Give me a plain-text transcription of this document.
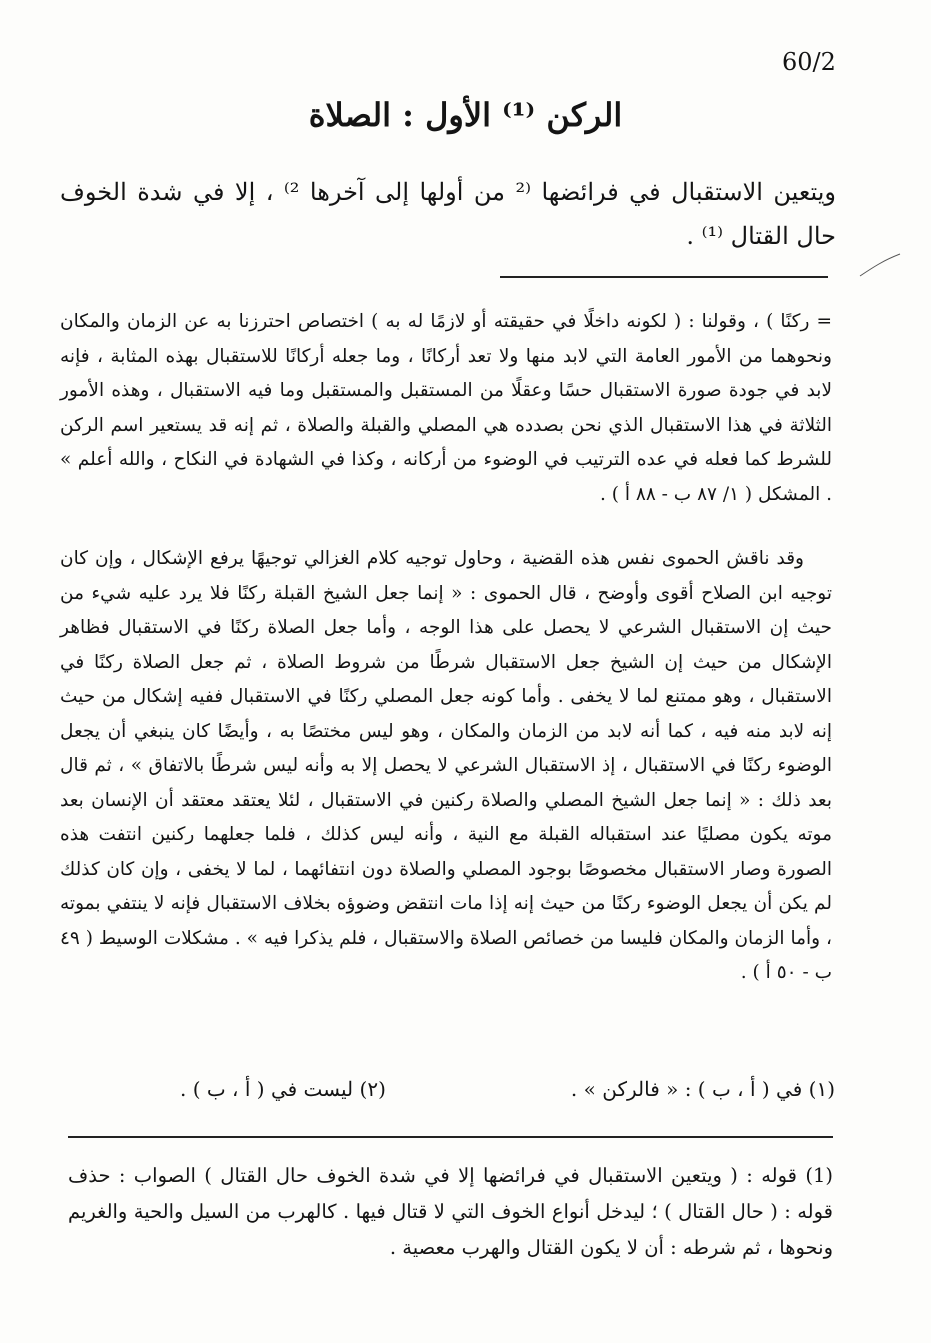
60/2
الركن ⁽¹⁾ الأول : الصلاة
ويتعين الاستقبال في فرائضها ⁽² من أولها إلى آخرها ²⁾ ، إلا في شدة الخوف حال القتال ⁽¹⁾ .

= ركنًا ) ، وقولنا : ( لكونه داخلًا في حقيقته أو لازمًا له به ) اختصاص احترزنا به عن الزمان والمكان ونحوهما من الأمور العامة التي لابد منها ولا تعد أركانًا ، وما جعله أركانًا للاستقبال بهذه المثابة ، فإنه لابد في جودة صورة الاستقبال حسًا وعقلًا من المستقبل والمستقبل وما فيه الاستقبال ، وهذه الأمور الثلاثة في هذا الاستقبال الذي نحن بصدده هي المصلي والقبلة والصلاة ، ثم إنه قد يستعير اسم الركن للشرط كما فعله في عده الترتيب في الوضوء من أركانه ، وكذا في الشهادة في النكاح ، والله أعلم » . المشكل ( ١/ ٨٧ ب - ٨٨ أ ) .

وقد ناقش الحموى نفس هذه القضية ، وحاول توجيه كلام الغزالي توجيهًا يرفع الإشكال ، وإن كان توجيه ابن الصلاح أقوى وأوضح ، قال الحموى : « إنما جعل الشيخ القبلة ركنًا فلا يرد عليه شيء من حيث إن الاستقبال الشرعي لا يحصل على هذا الوجه ، وأما جعل الصلاة ركنًا في الاستقبال فظاهر الإشكال من حيث إن الشيخ جعل الاستقبال شرطًا من شروط الصلاة ، ثم جعل الصلاة ركنًا في الاستقبال ، وهو ممتنع لما لا يخفى . وأما كونه جعل المصلي ركنًا في الاستقبال ففيه إشكال من حيث إنه لابد منه فيه ، كما أنه لابد من الزمان والمكان ، وهو ليس مختصًا به ، وأيضًا كان ينبغي أن يجعل الوضوء ركنًا في الاستقبال ، إذ الاستقبال الشرعي لا يحصل إلا به وأنه ليس شرطًا بالاتفاق » ، ثم قال بعد ذلك : « إنما جعل الشيخ المصلي والصلاة ركنين في الاستقبال ، لئلا يعتقد معتقد أن الإنسان بعد موته يكون مصليًا عند استقباله القبلة مع النية ، وأنه ليس كذلك ، فلما جعلهما ركنين انتفت هذه الصورة وصار الاستقبال مخصوصًا بوجود المصلي والصلاة دون انتفائهما ، لما لا يخفى ، وإن كان كذلك لم يكن أن يجعل الوضوء ركنًا من حيث إنه إذا مات انتقض وضوؤه بخلاف الاستقبال فإنه لا ينتفي بموته ، وأما الزمان والمكان فليسا من خصائص الصلاة والاستقبال ، فلم يذكرا فيه » . مشكلات الوسيط ( ٤٩ ب - ٥٠ أ ) .

(١) في ( أ ، ب ) : « فالركن » .
(٢) ليست في ( أ ، ب ) .

(1) قوله : ( ويتعين الاستقبال في فرائضها إلا في شدة الخوف حال القتال ) الصواب : حذف قوله : ( حال القتال ) ؛ ليدخل أنواع الخوف التي لا قتال فيها . كالهرب من السيل والحية والغريم ونحوها ، ثم شرطه : أن لا يكون القتال والهرب معصية .
